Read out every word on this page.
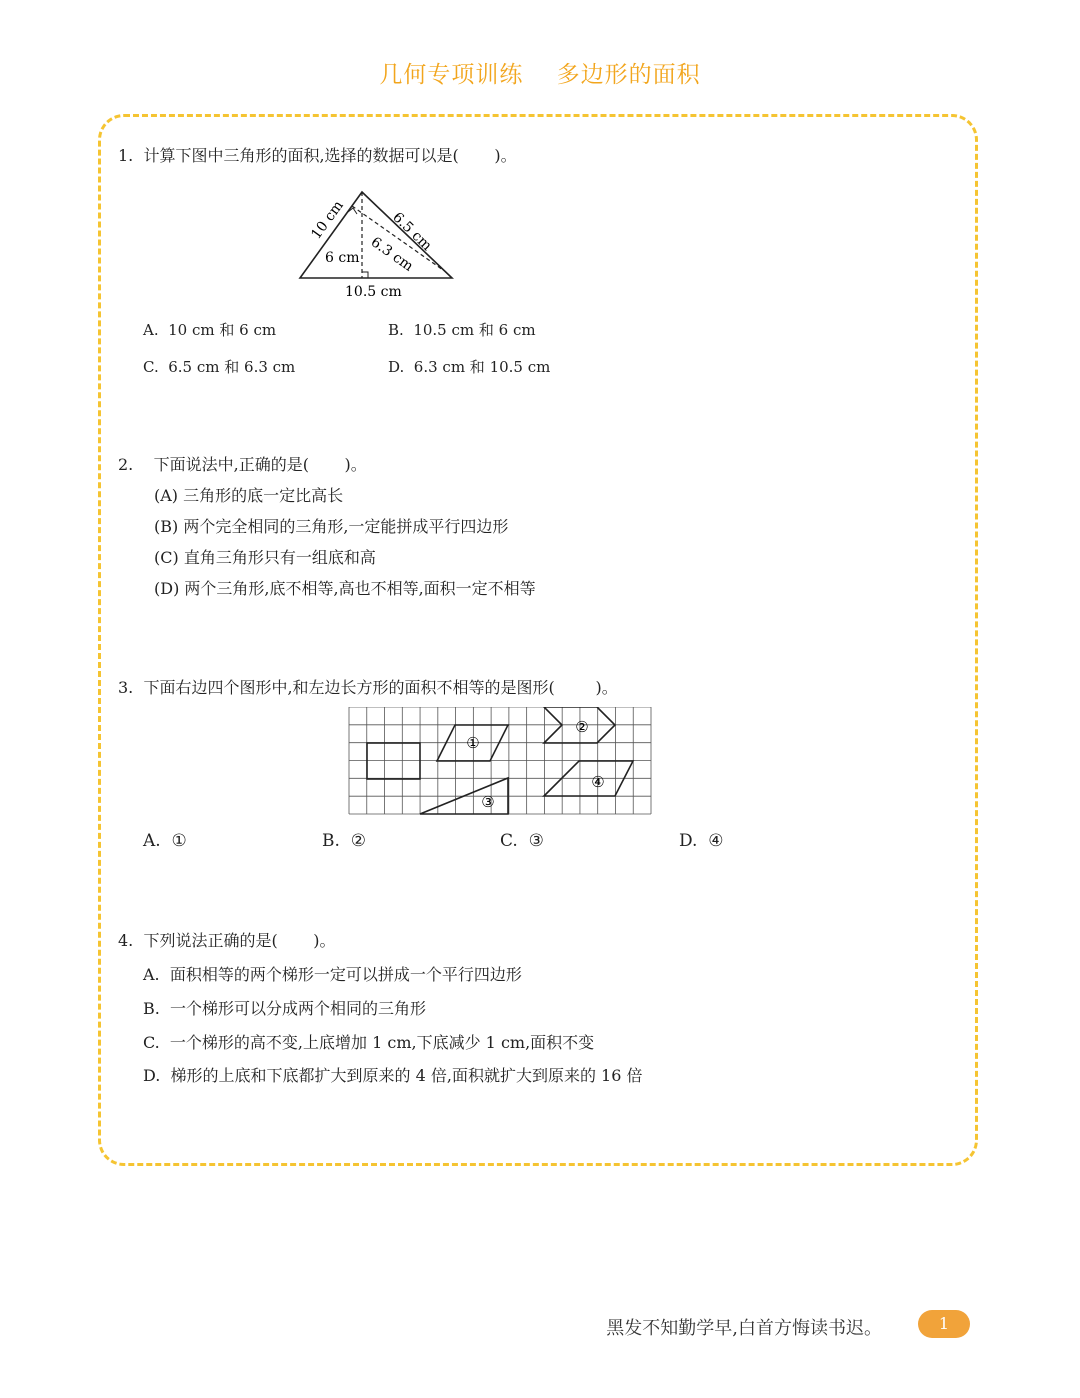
几何专项训练    多边形的面积
1.  计算下图中三角形的面积,选择的数据可以是(       )。
10 cm	6.5 cm
6.3 cm
6 cm
10.5 cm
A.  10 cm 和 6 cm	B.  10.5 cm 和 6 cm
C.  6.5 cm 和 6.3 cm	D.  6.3 cm 和 10.5 cm
2.    下面说法中,正确的是(       )。
(A) 三角形的底一定比高长
(B) 两个完全相同的三角形,一定能拼成平行四边形
(C) 直角三角形只有一组底和高
(D) 两个三角形,底不相等,高也不相等,面积一定不相等
3.  下面右边四个图形中,和左边长方形的面积不相等的是图形(        )。
①
②
③
④
A.  ①	B.  ②	C.  ③	D.  ④
4.  下列说法正确的是(       )。
A.  面积相等的两个梯形一定可以拼成一个平行四边形
B.  一个梯形可以分成两个相同的三角形
C.  一个梯形的高不变,上底增加 1 cm,下底减少 1 cm,面积不变
D.  梯形的上底和下底都扩大到原来的 4 倍,面积就扩大到原来的 16 倍
黑发不知勤学早,白首方悔读书迟。	1
